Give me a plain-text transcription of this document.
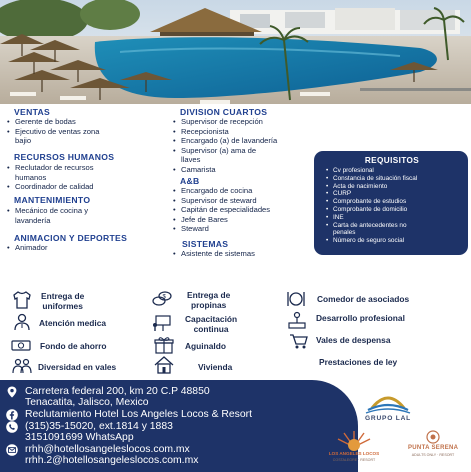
VENTAS
• Gerente de bodas
• Ejecutivo de ventas zona
bajio
RECURSOS HUMANOS
• Reclutador de recursos
humanos
• Coordinador de calidad
MANTENIMIENTO
• Mecánico de cocina y
lavandería
ANIMACION Y DEPORTES
• Animador
DIVISION CUARTOS
• Supervisor de recepción
• Recepcionista
• Encargado (a) de lavandería
• Supervisor (a) ama de
llaves
• Camarista
A&B
• Encargado de cocina
• Supervisor de steward
• Capitán de especialidades
• Jefe de Bares
• Steward
SISTEMAS
• Asistente de sistemas
REQUISITOS
• Cv profesional
• Constancia de situación fiscal
• Acta de nacimiento
• CURP
• Comprobante de estudios
• Comprobante de domicilio
• INE
• Carta de antecedentes no
penales
• Número de seguro social
Entrega de
uniformes
$	Entrega de
propinas
Comedor de asociados
Atención medica	Capacitación
continua
Desarrollo profesional
Fondo de ahorro	Aguinaldo
Vales de despensa
Diversidad en vales	Vivienda	Prestaciones de ley
Carretera federal 200, km 20 C.P 48850
Tenacatita, Jalisco, Mexico
Reclutamiento Hotel Los Angeles Locos & Resort
(315)35-15020, ext.1814 y 1883
3151091699 WhatsApp
rrhh@hotellosangeleslocos.com.mx
rrhh.2@hotellosangeleslocos.com.mx
GRUPO LAL
LOS ANGELES LOCOS
COSTALEGRE · RESORT
PUNTA SERENA
ADULTS ONLY · RESORT
